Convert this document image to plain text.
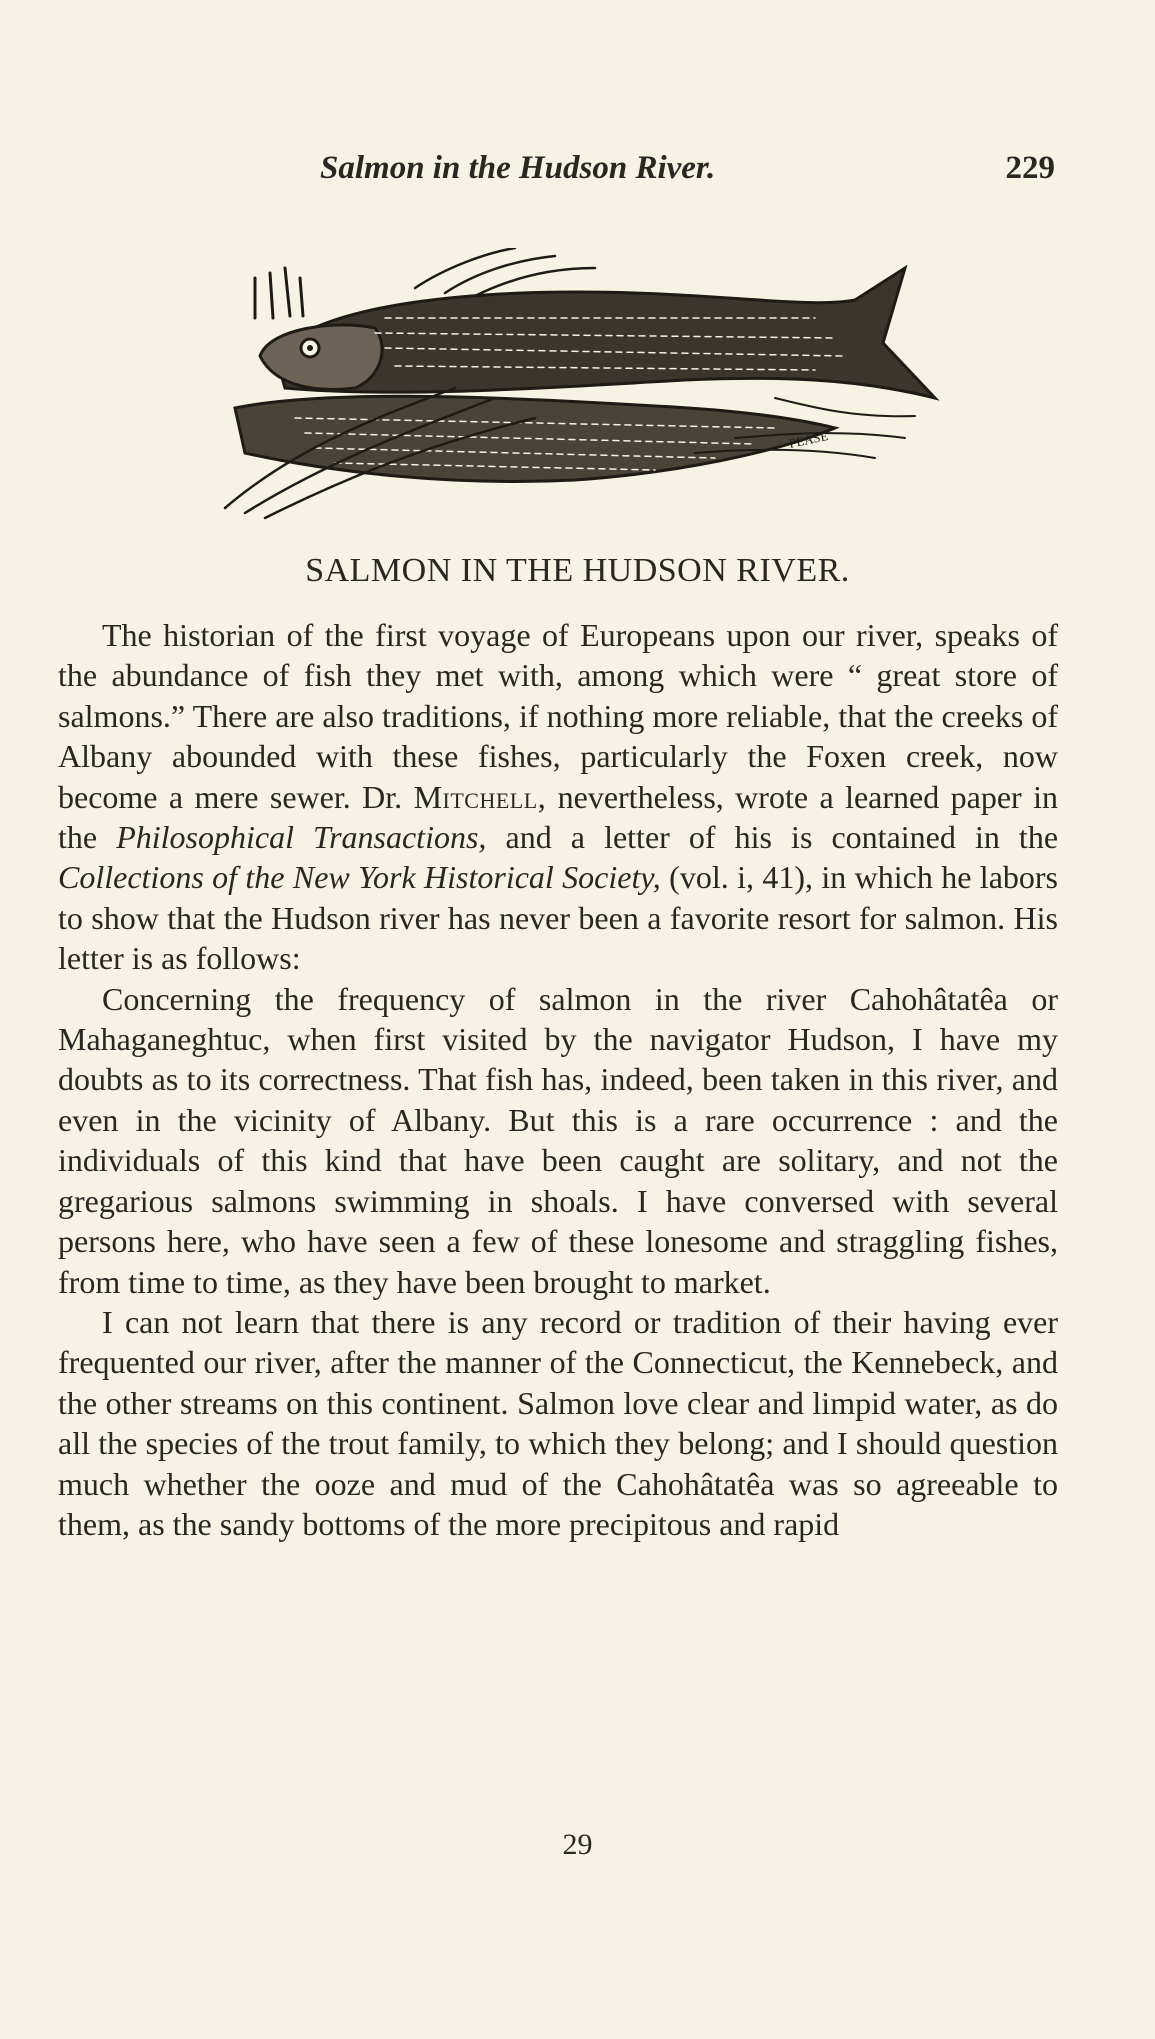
Salmon in the Hudson River.	229
PEASE
SALMON IN THE HUDSON RIVER.

The historian of the first voyage of Europeans upon our river, speaks of the abundance of fish they met with, among which were “ great store of salmons.” There are also traditions, if nothing more reliable, that the creeks of Albany abounded with these fishes, particularly the Foxen creek, now become a mere sewer. Dr. Mitchell, nevertheless, wrote a learned paper in the Philosophical Transactions, and a letter of his is contained in the Collections of the New York Historical Society, (vol. i, 41), in which he labors to show that the Hudson river has never been a favorite resort for salmon. His letter is as follows:

Concerning the frequency of salmon in the river Cahohâtatêa or Mahaganeghtuc, when first visited by the navigator Hudson, I have my doubts as to its correctness. That fish has, indeed, been taken in this river, and even in the vicinity of Albany. But this is a rare occurrence : and the individuals of this kind that have been caught are solitary, and not the gregarious salmons swimming in shoals. I have conversed with several persons here, who have seen a few of these lonesome and straggling fishes, from time to time, as they have been brought to market.

I can not learn that there is any record or tradition of their having ever frequented our river, after the manner of the Connecticut, the Kennebeck, and the other streams on this continent. Salmon love clear and limpid water, as do all the species of the trout family, to which they belong; and I should question much whether the ooze and mud of the Cahohâtatêa was so agreeable to them, as the sandy bottoms of the more precipitous and rapid

29
